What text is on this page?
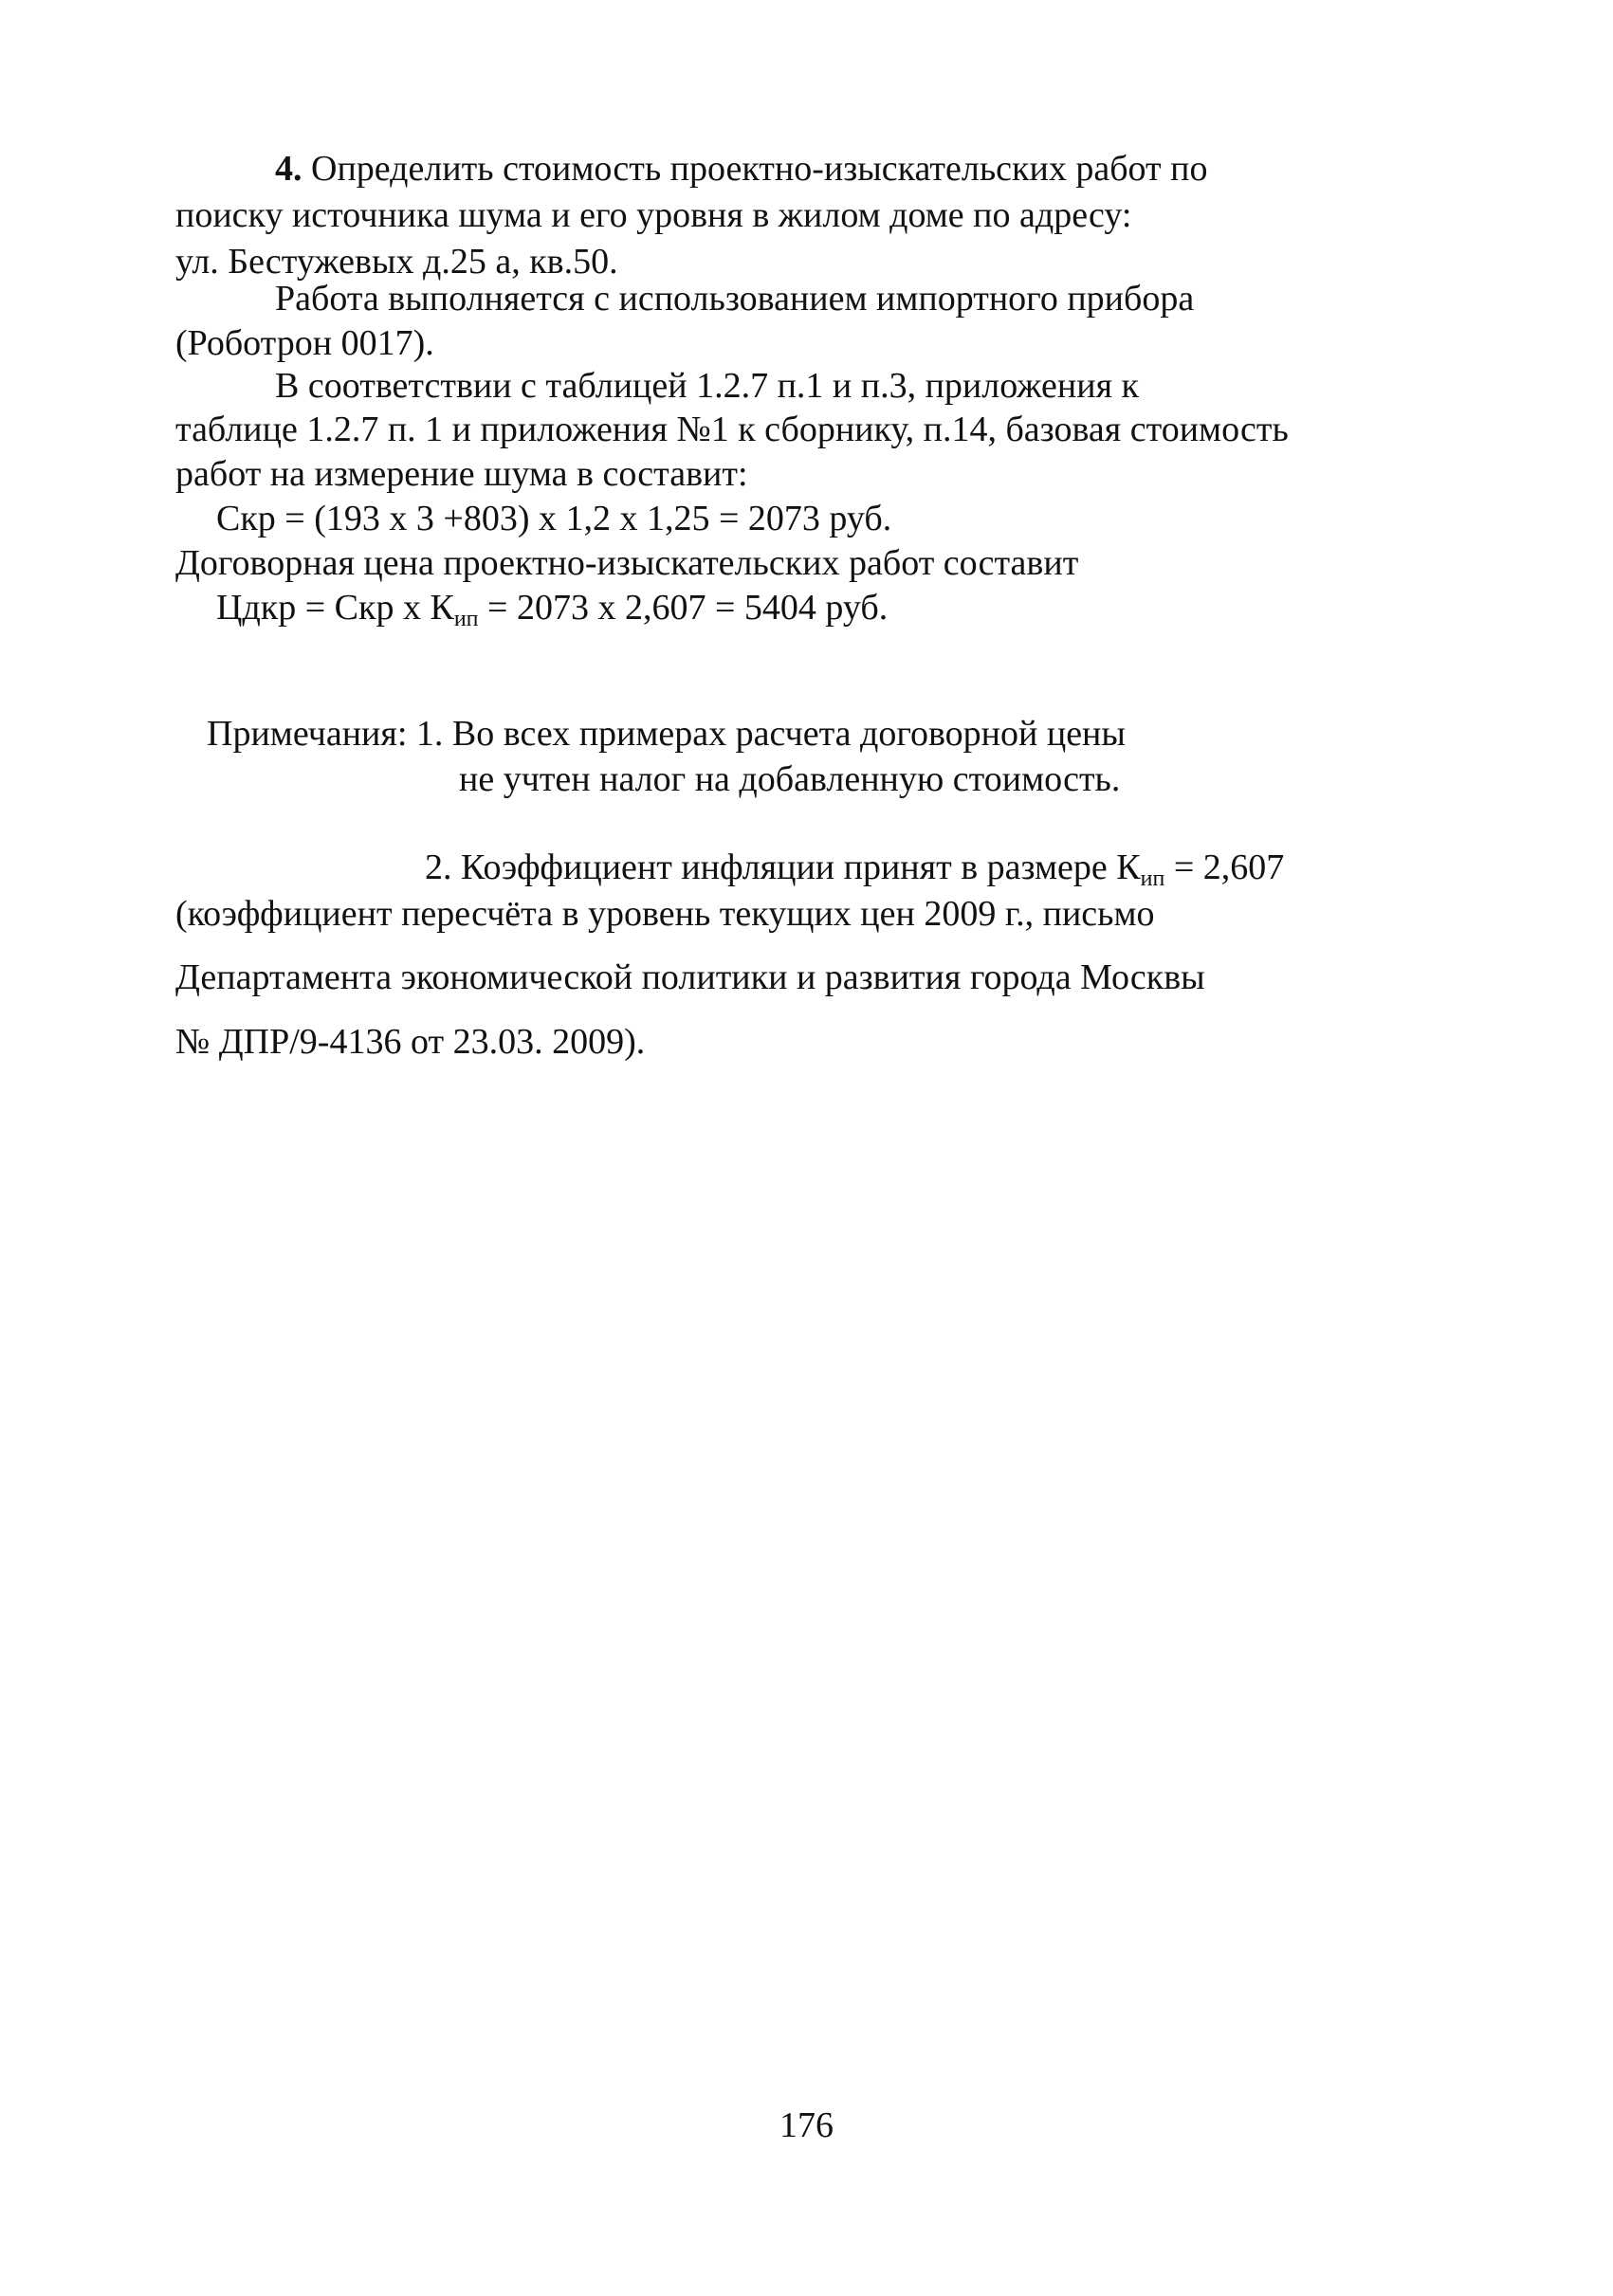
4. Определить стоимость проектно-изыскательских работ по
поиску источника шума и его уровня в жилом доме по адресу:
ул. Бестужевых д.25 а, кв.50.
Работа выполняется с использованием импортного прибора
(Роботрон 0017).
В соответствии с таблицей 1.2.7 п.1 и п.3, приложения к
таблице 1.2.7 п. 1 и приложения №1 к сборнику, п.14, базовая стоимость
работ на измерение шума в составит:
Скр = (193 х 3 +803) х 1,2 х 1,25 = 2073 руб.
Договорная цена проектно-изыскательских работ составит
Цдкр = Скр х $К_{ип} = 2073$ х 2,607 = 5404 руб.
Примечания: 1. Во всех примерах расчета договорной цены
не учтен налог на добавленную стоимость.
2. Коэффициент инфляции принят в размере $К_{ип} = 2,607$
(коэффициент пересчёта в уровень текущих цен 2009 г., письмо
Департамента экономической политики и развития города Москвы
№ ДПР/9-4136 от 23.03. 2009).
176
